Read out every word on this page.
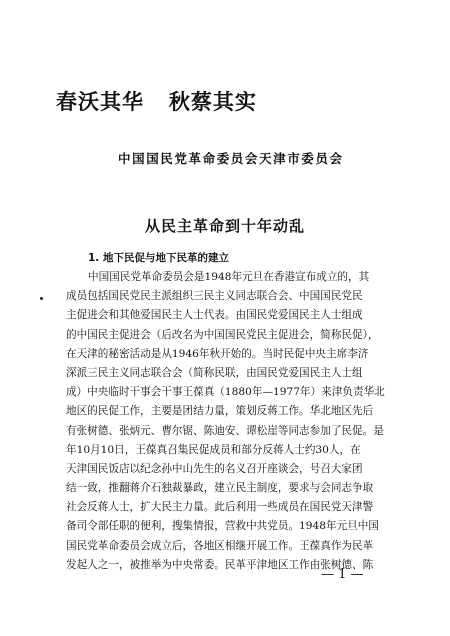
春沃其华   秋蔡其实
中国国民党革命委员会天津市委员会
从民主革命到十年动乱
1. 地下民促与地下民革的建立
中国国民党革命委员会是1948年元旦在香港宣布成立的，其
成员包括国民党民主派组织三民主义同志联合会、中国国民党民
主促进会和其他爱国民主人士代表。由国民党爱国民主人士组成
的中国民主促进会（后改名为中国国民党民主促进会，简称民促），
在天津的秘密活动是从1946年秋开始的。当时民促中央主席李济
深派三民主义同志联合会（简称民联，由国民党爱国民主人士组
成）中央临时干事会干事王葆真（1880年—1977年）来津负责华北
地区的民促工作，主要是团结力量，策划反蒋工作。华北地区先后
有张树德、张炳元、曹尔锯、陈迪安、谭松崖等同志参加了民促。是
年10月10日，王葆真召集民促成员和部分反蒋人士约30人，在
天津国民饭店以纪念孙中山先生的名义召开座谈会，号召大家团
结一致，推翻蒋介石独裁暴政，建立民主制度，要求与会同志争取
社会反蒋人士，扩大民主力量。此后利用一些成员在国民党天津警
备司令部任职的便利，搜集情报，营救中共党员。1948年元旦中国
国民党革命委员会成立后，各地区相继开展工作。王葆真作为民革
发起人之一，被推举为中央常委。民革平津地区工作由张树德、陈
— 1 —
